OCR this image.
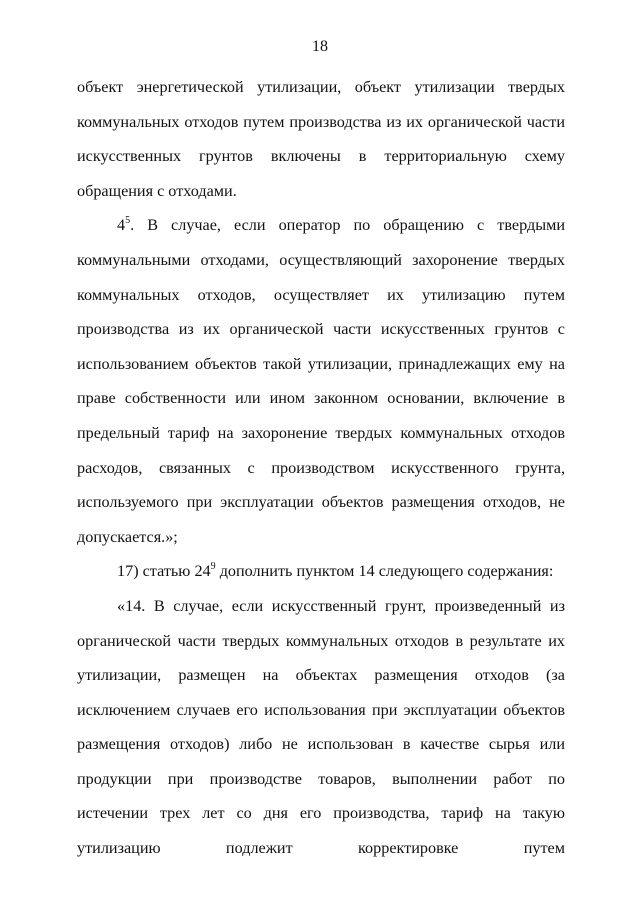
18

объект энергетической утилизации, объект утилизации твердых коммунальных отходов путем производства из их органической части искусственных грунтов включены в территориальную схему обращения с отходами.

$4^5$. В случае, если оператор по обращению с твердыми коммунальными отходами, осуществляющий захоронение твердых коммунальных отходов, осуществляет их утилизацию путем производства из их органической части искусственных грунтов с использованием объектов такой утилизации, принадлежащих ему на праве собственности или ином законном основании, включение в предельный тариф на захоронение твердых коммунальных отходов расходов, связанных с производством искусственного грунта, используемого при эксплуатации объектов размещения отходов, не допускается.»;

17) статью $24^9$ дополнить пунктом 14 следующего содержания:

«14. В случае, если искусственный грунт, произведенный из органической части твердых коммунальных отходов в результате их утилизации, размещен на объектах размещения отходов (за исключением случаев его использования при эксплуатации объектов размещения отходов) либо не использован в качестве сырья или продукции при производстве товаров, выполнении работ по истечении трех лет со дня его производства, тариф на такую утилизацию подлежит корректировке путем
